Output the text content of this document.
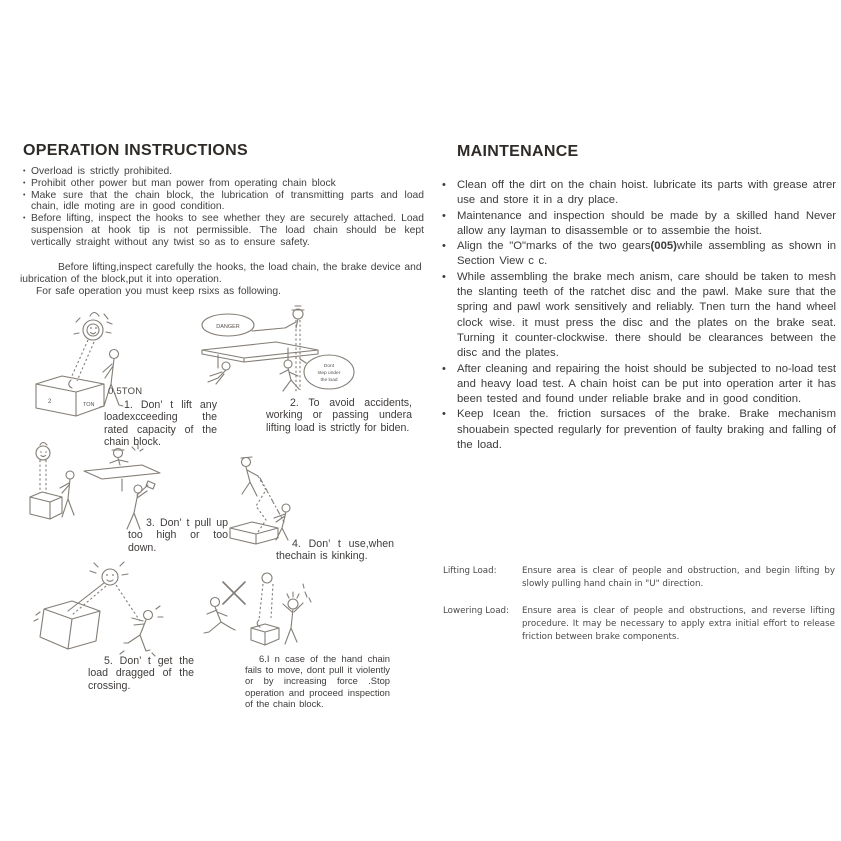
OPERATION INSTRUCTIONS
• Overload is strictly prohibited.
• Prohibit other power but man power from operating chain block
• Make sure that the chain block, the lubrication of transmitting parts and load chain, idle moting are in good condition.
• Before lifting, inspect the hooks to see whether they are securely attached. Load suspension at hook tip is not permissible. The load chain should be kept vertically straight without any twist so as to ensure safety.

Before lifting,inspect carefully the hooks, the load chain, the brake device and iubrication of the block,put it into operation.

For safe operation you must keep rsixs as following.

2	TON
0.5TON
1. Don’ t lift any loadexcceeding the rated capacity of the chain block.
DANGER
Dont
step under
the load
2. To avoid accidents, working or passing undera lifting load is strictly for biden.
3. Don’ t pull up too high or too down.	4. Don’ t use,when thechain is kinking.
5. Don’ t get the load dragged of the crossing.
6.I n case of the hand chain fails to move, dont pull it violently or by increasing force .Stop operation and proceed inspection of the chain block.
MAINTENANCE
• Clean off the dirt on the chain hoist. lubricate its parts with grease atrer use and store it in a dry place.
• Maintenance and inspection should be made by a skilled hand Never allow any layman to disassemble or to assembie the hoist.
• Align the "O"marks of the two gears(005)while assembling as shown in Section View c c.
• While assembling the brake mech anism, care should be taken to mesh the slanting teeth of the ratchet disc and the pawl. Make sure that the spring and pawl work sensitively and reliably. Tnen turn the hand wheel clock wise. it must press the disc and the plates on the brake seat. Turning it counter-clockwise. there should be clearances between the disc and the plates.
• After cleaning and repairing the hoist should be subjected to no-load test and heavy load test. A chain hoist can be put into operation arter it has been tested and found under reliable brake and in good condition.
• Keep Icean the. friction sursaces of the brake. Brake mechanism shouabein spected regularly for prevention of faulty braking and falling of the load.
Lifting Load:	Ensure area is clear of people and obstruction, and begin lifting by slowly pulling hand chain in "U" direction.
Lowering Load:	Ensure area is clear of people and obstructions, and reverse lifting procedure. It may be necessary to apply extra initial effort to release friction between brake components.
